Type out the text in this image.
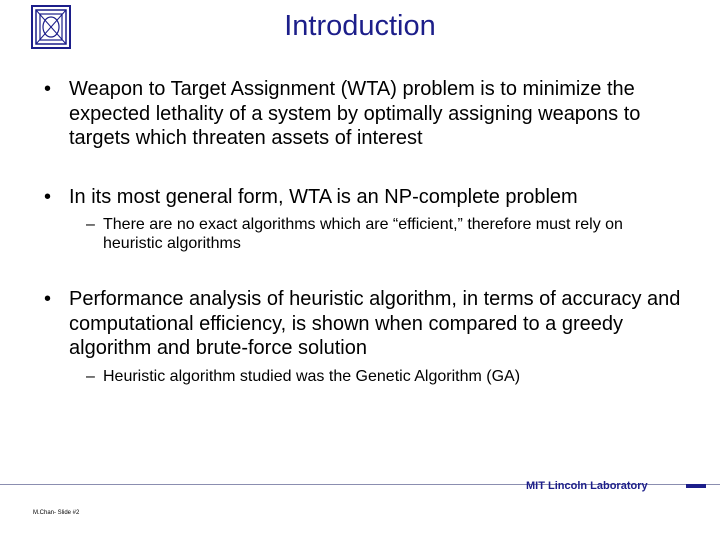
Introduction
• Weapon to Target Assignment (WTA) problem is to minimize the expected lethality of a system by optimally assigning weapons to targets which threaten assets of interest
• In its most general form, WTA is an NP-complete problem
– There are no exact algorithms which are “efficient,” therefore must rely on heuristic algorithms
• Performance analysis of heuristic algorithm, in terms of accuracy and computational efficiency, is shown when compared to a greedy algorithm and brute-force solution
– Heuristic algorithm studied was the Genetic Algorithm (GA)
MIT Lincoln Laboratory
M.Chan- Slide #2
